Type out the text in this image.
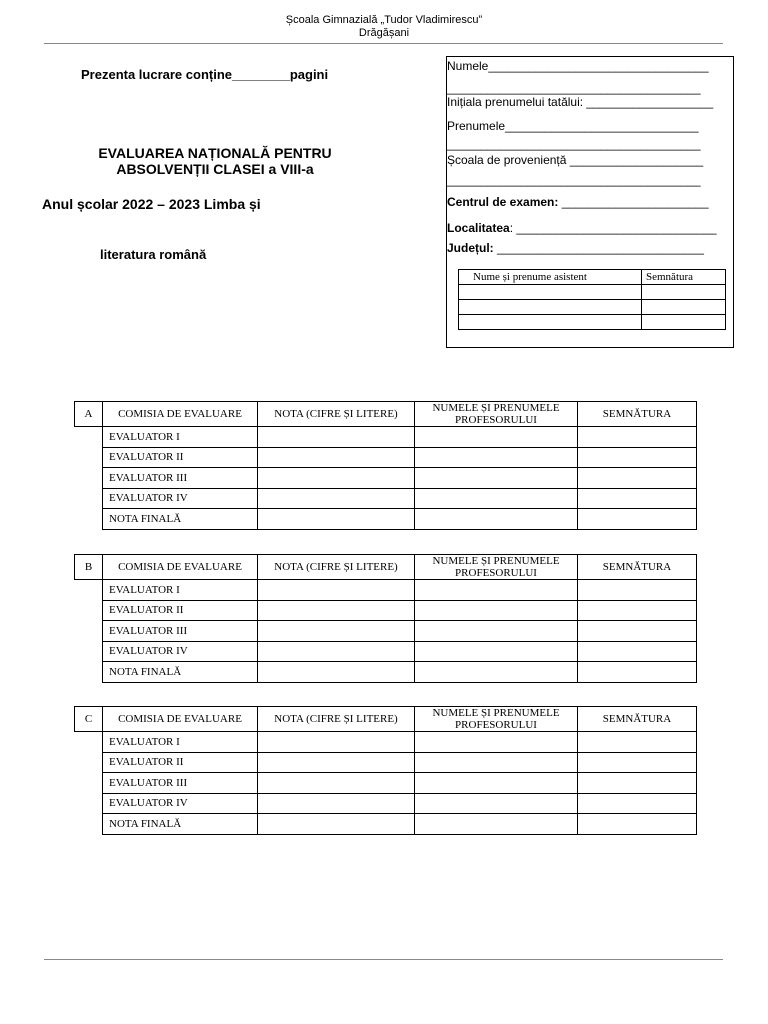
Școala Gimnazială „Tudor Vladimirescu”
Drăgășani
Prezenta lucrare conține________pagini
EVALUAREA NAȚIONALĂ PENTRU
ABSOLVENȚII CLASEI a VIII-a
Anul școlar 2022 – 2023 Limba și
literatura română
Numele_________________________________
______________________________________
Inițiala prenumelui tatălui: ___________________
Prenumele_____________________________
______________________________________
Școala de proveniență ____________________
______________________________________
Centrul de examen: ______________________
Localitatea: ______________________________
Județul: _______________________________
Nume și prenume asistent	Semnătura

A	COMISIA DE EVALUARE	NOTA (CIFRE ȘI LITERE)	NUMELE ȘI PRENUMELE PROFESORULUI	SEMNĂTURA
	EVALUATOR I			
	EVALUATOR II			
	EVALUATOR III			
	EVALUATOR IV			
	NOTA FINALĂ			
B	COMISIA DE EVALUARE	NOTA (CIFRE ȘI LITERE)	NUMELE ȘI PRENUMELE PROFESORULUI	SEMNĂTURA
	EVALUATOR I			
	EVALUATOR II			
	EVALUATOR III			
	EVALUATOR IV			
	NOTA FINALĂ			
C	COMISIA DE EVALUARE	NOTA (CIFRE ȘI LITERE)	NUMELE ȘI PRENUMELE PROFESORULUI	SEMNĂTURA
	EVALUATOR I			
	EVALUATOR II			
	EVALUATOR III			
	EVALUATOR IV			
	NOTA FINALĂ			
